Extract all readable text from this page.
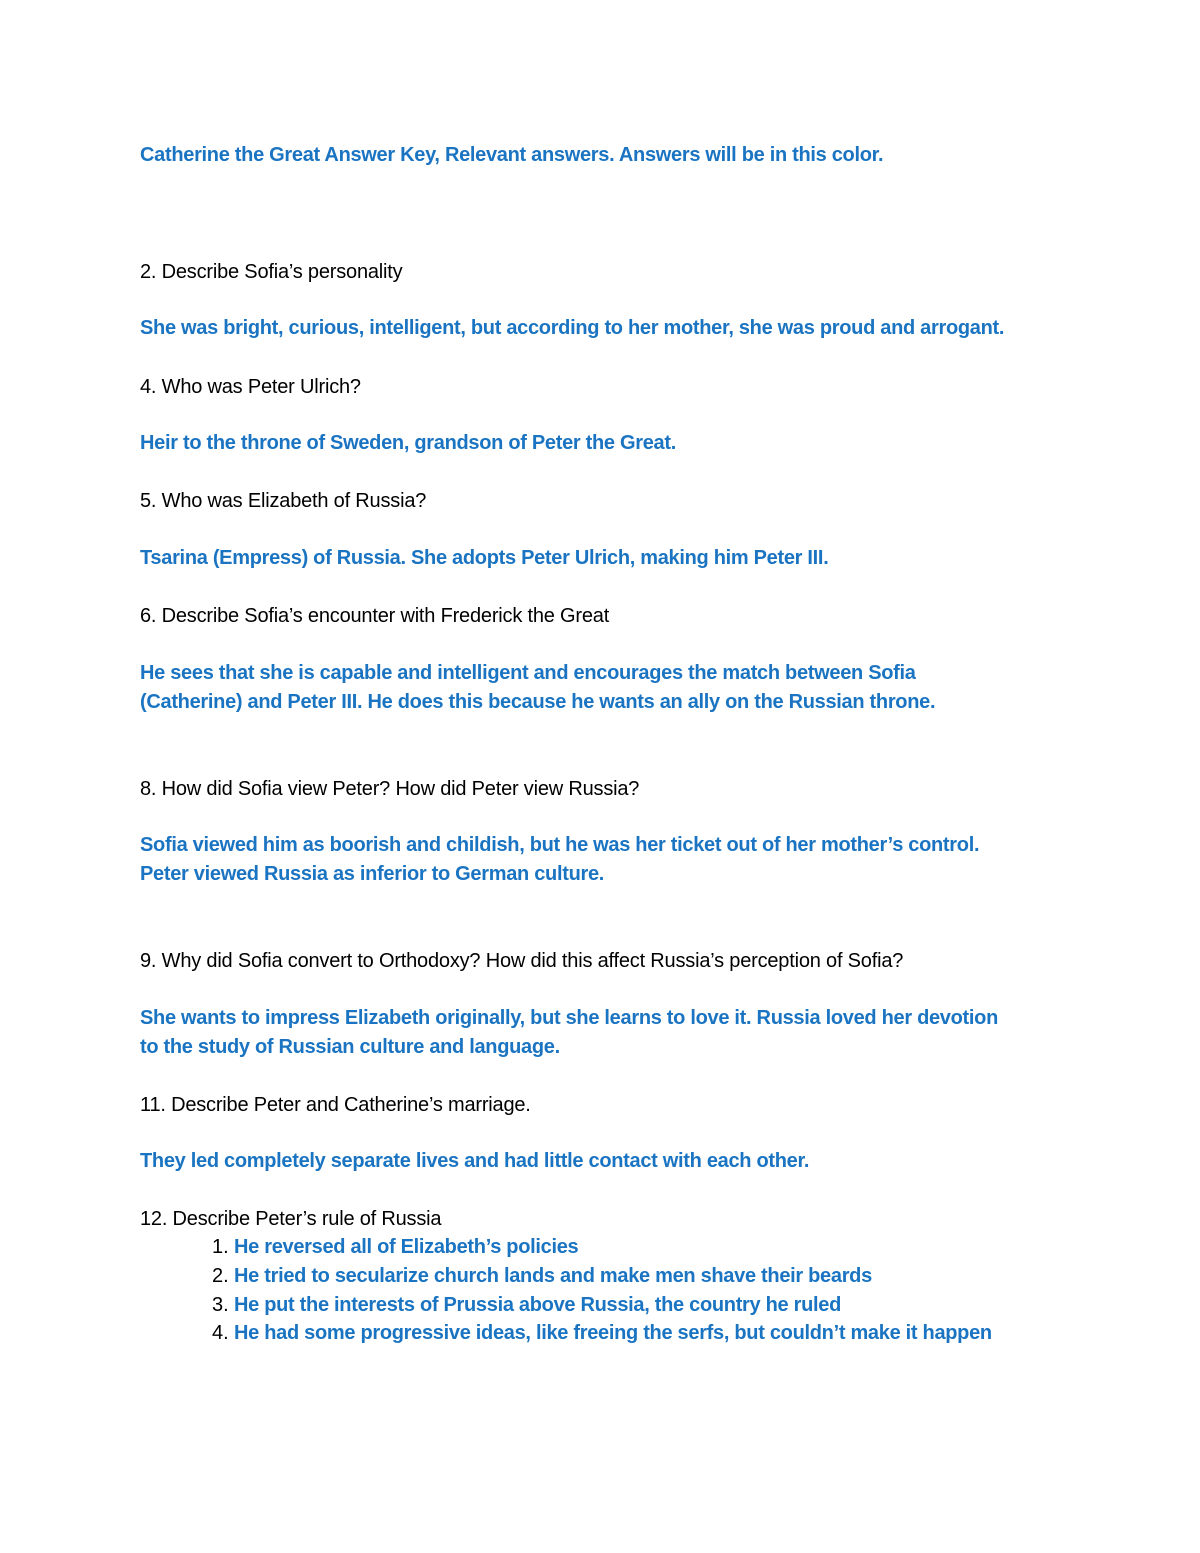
Catherine the Great Answer Key, Relevant answers. Answers will be in this color.
2. Describe Sofia’s personality
She was bright, curious, intelligent, but according to her mother, she was proud and arrogant.
4. Who was Peter Ulrich?
Heir to the throne of Sweden, grandson of Peter the Great.
5. Who was Elizabeth of Russia?
Tsarina (Empress) of Russia. She adopts Peter Ulrich, making him Peter III.
6. Describe Sofia’s encounter with Frederick the Great
He sees that she is capable and intelligent and encourages the match between Sofia
(Catherine) and Peter III. He does this because he wants an ally on the Russian throne.
8. How did Sofia view Peter? How did Peter view Russia?
Sofia viewed him as boorish and childish, but he was her ticket out of her mother’s control.
Peter viewed Russia as inferior to German culture.
9. Why did Sofia convert to Orthodoxy? How did this affect Russia’s perception of Sofia?
She wants to impress Elizabeth originally, but she learns to love it. Russia loved her devotion
to the study of Russian culture and language.
11. Describe Peter and Catherine’s marriage.
They led completely separate lives and had little contact with each other.
12. Describe Peter’s rule of Russia
1. He reversed all of Elizabeth’s policies
2. He tried to secularize church lands and make men shave their beards
3. He put the interests of Prussia above Russia, the country he ruled
4. He had some progressive ideas, like freeing the serfs, but couldn’t make it happen
